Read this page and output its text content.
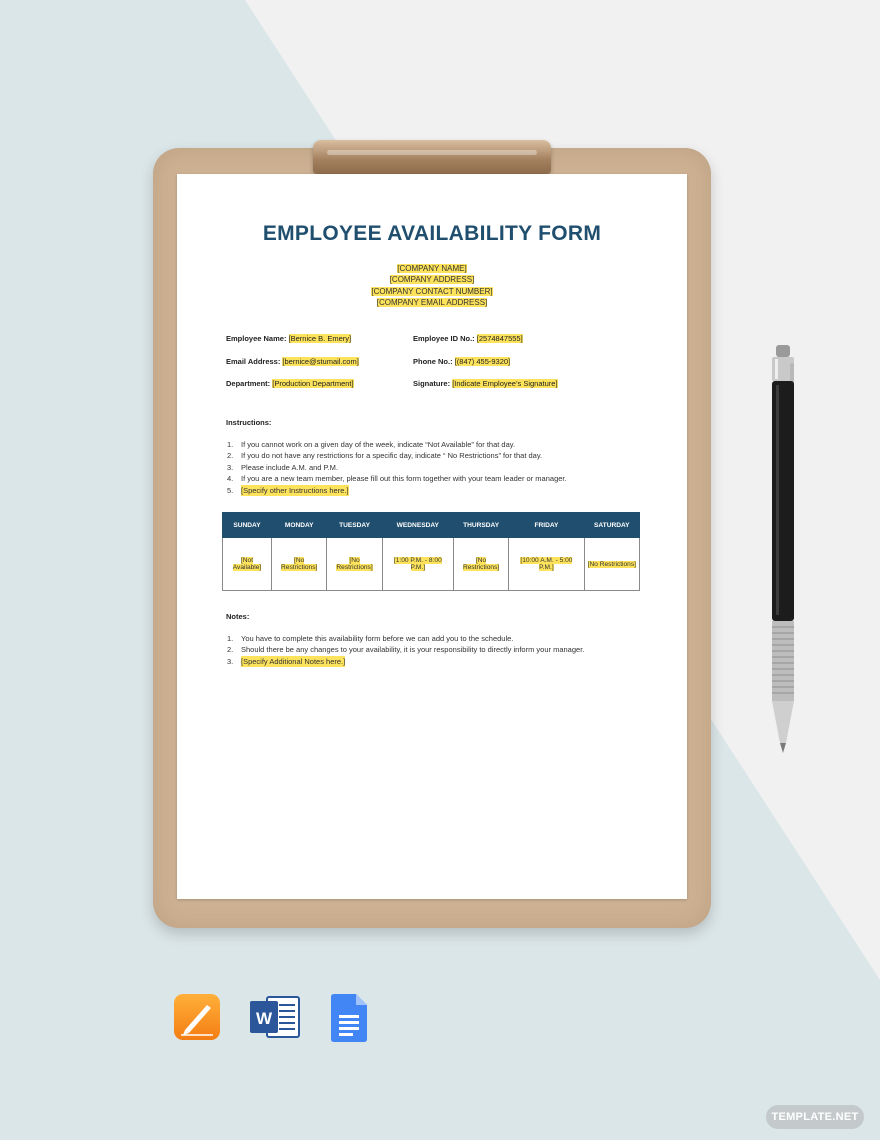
EMPLOYEE AVAILABILITY FORM
[COMPANY NAME]
[COMPANY ADDRESS]
[COMPANY CONTACT NUMBER]
[COMPANY EMAIL ADDRESS]
Employee Name: [Bernice B. Emery]	Employee ID No.: [2574847555]
Email Address: [bernice@stumail.com]	Phone No.: [(847) 455-9320]
Department: [Production Department]	Signature: [Indicate Employee’s Signature]
Instructions:
1.	If you cannot work on a given day of the week, indicate “Not Available” for that day.
2.	If you do not have any restrictions for a specific day, indicate “ No Restrictions” for that day.
3.	Please include A.M. and P.M.
4.	If you are a new team member, please fill out this form together with your team leader or manager.
5.	[Specify other Instructions here.]
SUNDAY	MONDAY	TUESDAY	WEDNESDAY	THURSDAY	FRIDAY	SATURDAY
[Not Available]	[No Restrictions]	[No Restrictions]	[1:00 P.M. - 8:00 P.M.]	[No Restrictions]	[10:00 A.M. - 5:00 P.M.]	[No Restrictions]
Notes:
1.	You have to complete this availability form before we can add you to the schedule.
2.	Should there be any changes to your availability, it is your responsibility to directly inform your manager.
3.	[Specify Additional Notes here.]
W
TEMPLATE.NET
